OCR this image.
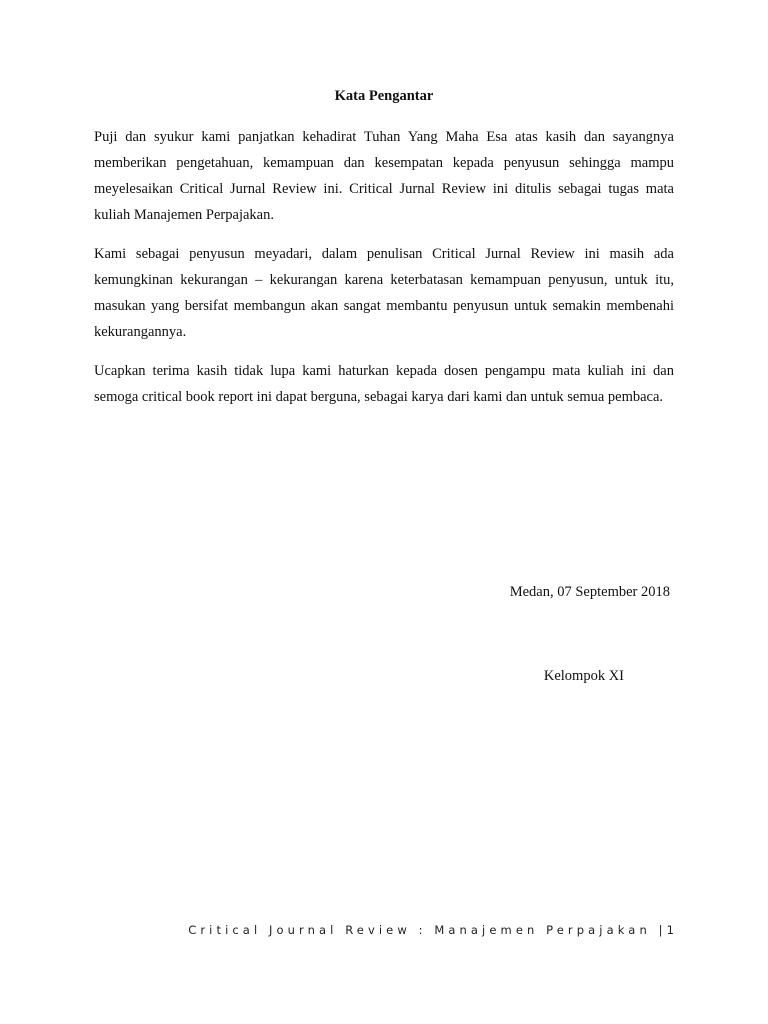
Kata Pengantar

Puji dan syukur kami panjatkan kehadirat Tuhan Yang Maha Esa atas kasih dan sayangnya memberikan pengetahuan, kemampuan dan kesempatan kepada penyusun sehingga mampu meyelesaikan Critical Jurnal Review ini. Critical Jurnal Review ini ditulis sebagai tugas mata kuliah Manajemen Perpajakan.

Kami sebagai penyusun meyadari, dalam penulisan Critical Jurnal Review ini masih ada kemungkinan kekurangan – kekurangan karena keterbatasan kemampuan penyusun, untuk itu, masukan yang bersifat membangun akan sangat membantu penyusun untuk semakin membenahi kekurangannya.

Ucapkan terima kasih tidak lupa kami haturkan kepada dosen pengampu mata kuliah ini dan semoga critical book report ini dapat berguna, sebagai karya dari kami dan untuk semua pembaca.

Medan, 07 September 2018
Kelompok XI
Critical Journal Review : Manajemen Perpajakan |1
